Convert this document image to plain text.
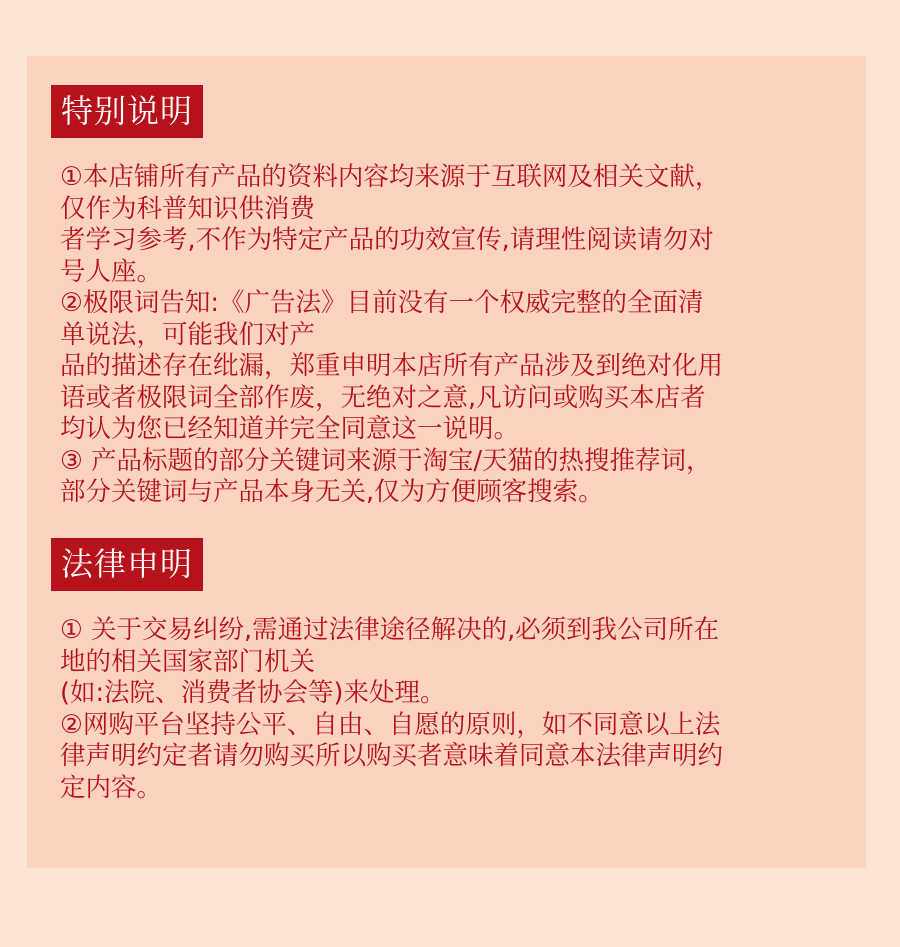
特别说明
①本店铺所有产品的资料内容均来源于互联网及相关文献，
仅作为科普知识供消费
者学习参考,不作为特定产品的功效宣传,请理性阅读请勿对
号人座。
②极限词告知:《广告法》目前没有一个权威完整的全面清
单说法，可能我们对产
品的描述存在纰漏，郑重申明本店所有产品涉及到绝对化用
语或者极限词全部作废，无绝对之意,凡访问或购买本店者
均认为您已经知道并完全同意这一说明。
③ 产品标题的部分关键词来源于淘宝/天猫的热搜推荐词，
部分关键词与产品本身无关,仅为方便顾客搜索。
法律申明
① 关于交易纠纷,需通过法律途径解决的,必须到我公司所在
地的相关国家部门机关
(如:法院、消费者协会等)来处理。
②网购平台坚持公平、自由、自愿的原则，如不同意以上法
律声明约定者请勿购买所以购买者意味着同意本法律声明约
定内容。
